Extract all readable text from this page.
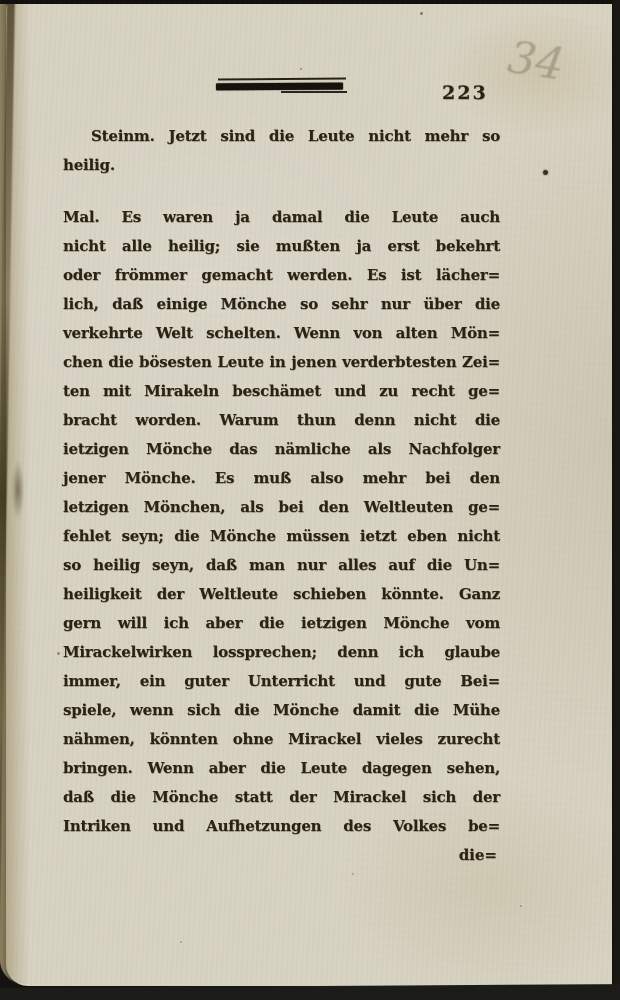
223
34
Steinm. Jetzt sind die Leute nicht mehr so
heilig.
Mal. Es waren ja damal die Leute auch
nicht alle heilig; sie mußten ja erst bekehrt
oder frömmer gemacht werden. Es ist lächer=
lich, daß einige Mönche so sehr nur über die
verkehrte Welt schelten. Wenn von alten Mön=
chen die bösesten Leute in jenen verderbtesten Zei=
ten mit Mirakeln beschämet und zu recht ge=
bracht worden. Warum thun denn nicht die
ietzigen Mönche das nämliche als Nachfolger
jener Mönche. Es muß also mehr bei den
letzigen Mönchen, als bei den Weltleuten ge=
fehlet seyn; die Mönche müssen ietzt eben nicht
so heilig seyn, daß man nur alles auf die Un=
heiligkeit der Weltleute schieben könnte. Ganz
gern will ich aber die ietzigen Mönche vom
Mirackelwirken lossprechen; denn ich glaube
immer, ein guter Unterricht und gute Bei=
spiele, wenn sich die Mönche damit die Mühe
nähmen, könnten ohne Mirackel vieles zurecht
bringen. Wenn aber die Leute dagegen sehen,
daß die Mönche statt der Mirackel sich der
Intriken und Aufhetzungen des Volkes be=
die=
